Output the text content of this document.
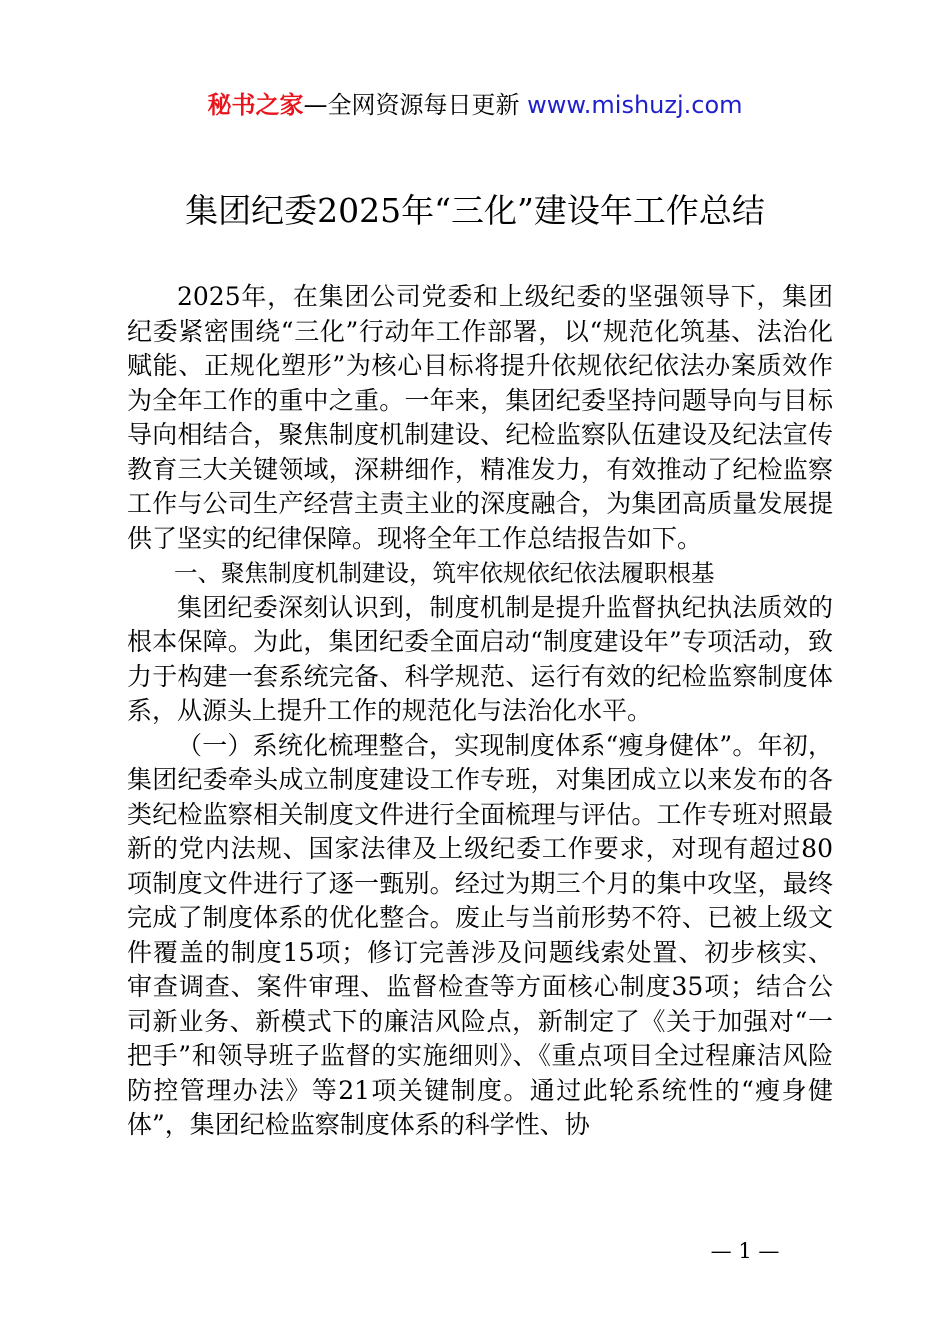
秘书之家—全网资源每日更新 www.mishuzj.com
集团纪委2025年“三化”建设年工作总结

2025年，在集团公司党委和上级纪委的坚强领导下，集团纪委紧密围绕“三化”行动年工作部署，以“规范化筑基、法治化赋能、正规化塑形”为核心目标将提升依规依纪依法办案质效作为全年工作的重中之重。一年来，集团纪委坚持问题导向与目标导向相结合，聚焦制度机制建设、纪检监察队伍建设及纪法宣传教育三大关键领域，深耕细作，精准发力，有效推动了纪检监察工作与公司生产经营主责主业的深度融合，为集团高质量发展提供了坚实的纪律保障。现将全年工作总结报告如下。

一、聚焦制度机制建设，筑牢依规依纪依法履职根基

集团纪委深刻认识到，制度机制是提升监督执纪执法质效的根本保障。为此，集团纪委全面启动“制度建设年”专项活动，致力于构建一套系统完备、科学规范、运行有效的纪检监察制度体系，从源头上提升工作的规范化与法治化水平。

（一）系统化梳理整合，实现制度体系“瘦身健体”。年初，集团纪委牵头成立制度建设工作专班，对集团成立以来发布的各类纪检监察相关制度文件进行全面梳理与评估。工作专班对照最新的党内法规、国家法律及上级纪委工作要求，对现有超过80项制度文件进行了逐一甄别。经过为期三个月的集中攻坚，最终完成了制度体系的优化整合。废止与当前形势不符、已被上级文件覆盖的制度15项；修订完善涉及问题线索处置、初步核实、审查调查、案件审理、监督检查等方面核心制度35项；结合公司新业务、新模式下的廉洁风险点，新制定了《关于加强对“一把手”和领导班子监督的实施细则》、《重点项目全过程廉洁风险防控管理办法》等21项关键制度。通过此轮系统性的“瘦身健体”，集团纪检监察制度体系的科学性、协

— 1 —
